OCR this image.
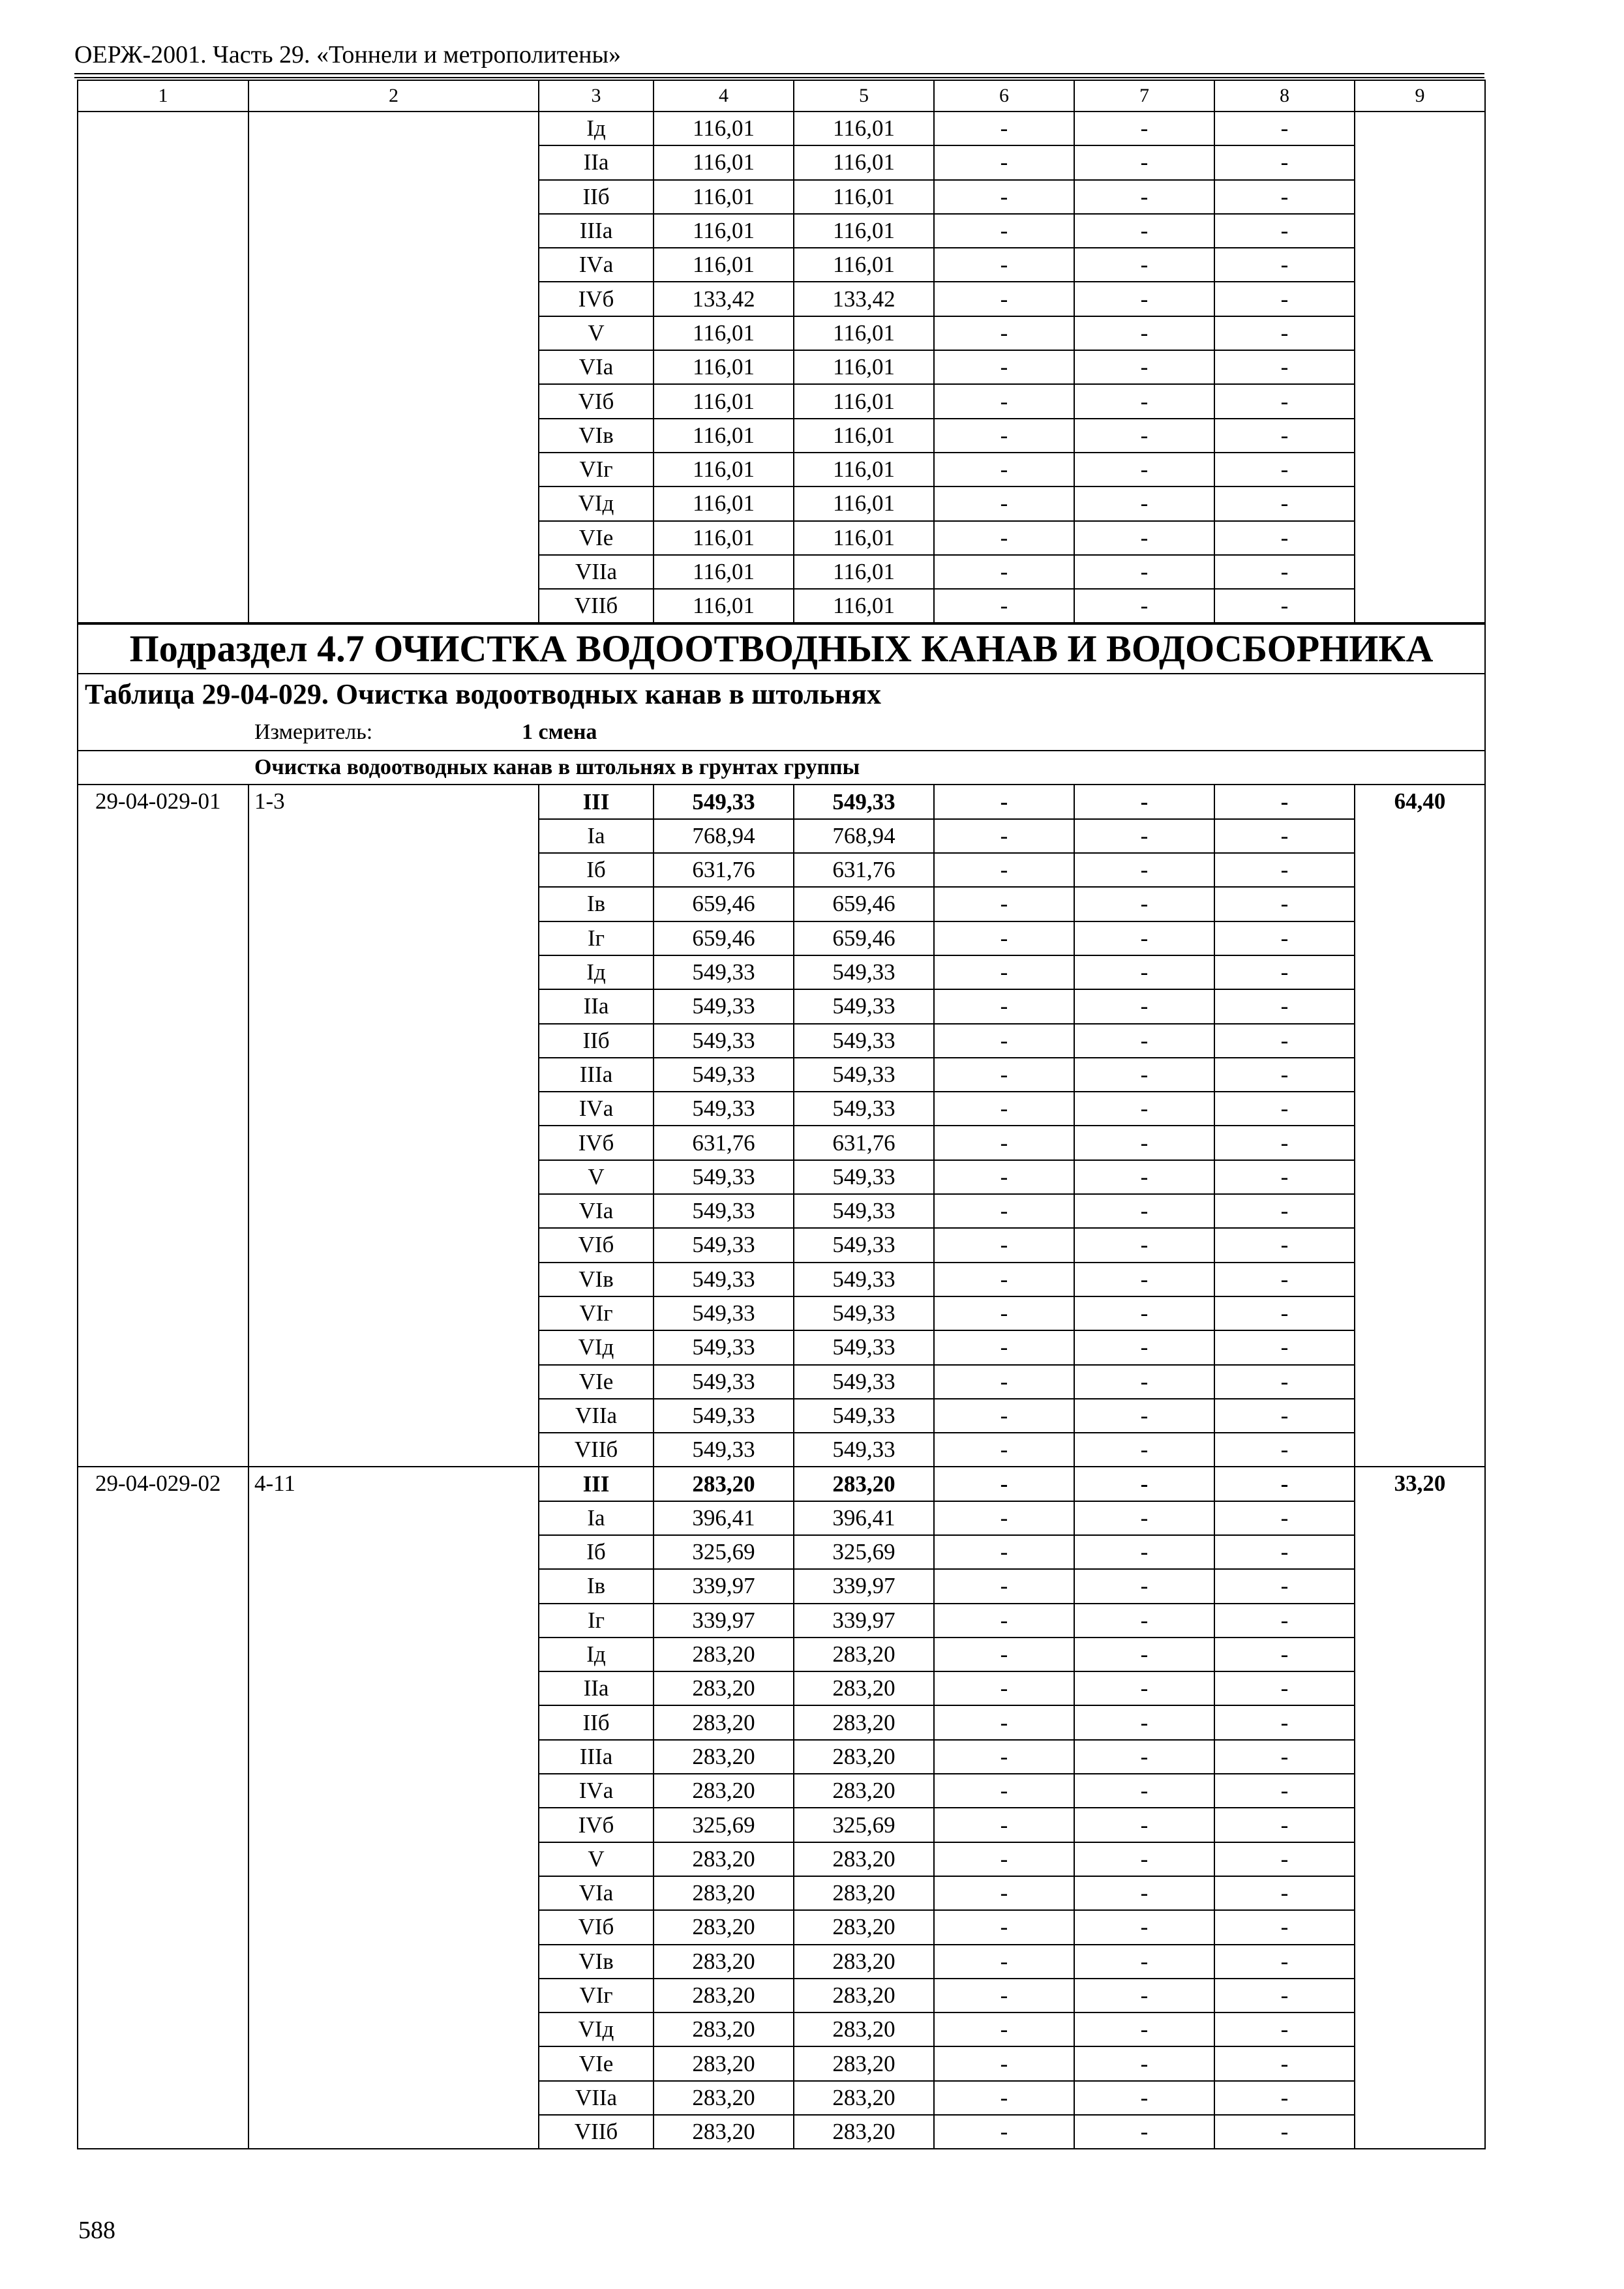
ОЕРЖ-2001. Часть 29. «Тоннели и метрополитены»
1	2	3	4	5	6	7	8	9
		Iд	116,01	116,01	-	-	-	
		IIа	116,01	116,01	-	-	-	
		IIб	116,01	116,01	-	-	-	
		IIIа	116,01	116,01	-	-	-	
		IVа	116,01	116,01	-	-	-	
		IVб	133,42	133,42	-	-	-	
		V	116,01	116,01	-	-	-	
		VIа	116,01	116,01	-	-	-	
		VIб	116,01	116,01	-	-	-	
		VIв	116,01	116,01	-	-	-	
		VIг	116,01	116,01	-	-	-	
		VIд	116,01	116,01	-	-	-	
		VIе	116,01	116,01	-	-	-	
		VIIа	116,01	116,01	-	-	-	
		VIIб	116,01	116,01	-	-	-	
Подраздел 4.7 ОЧИСТКА ВОДООТВОДНЫХ КАНАВ И ВОДОСБОРНИКА								
Таблица 29-04-029. Очистка водоотводных канав в штольнях								
Измеритель: 1 смена								
Очистка водоотводных канав в штольнях в грунтах группы								
29-04-029-01	1-3	III	549,33	549,33	-	-	-	64,40
		Iа	768,94	768,94	-	-	-	
		Iб	631,76	631,76	-	-	-	
		Iв	659,46	659,46	-	-	-	
		Iг	659,46	659,46	-	-	-	
		Iд	549,33	549,33	-	-	-	
		IIа	549,33	549,33	-	-	-	
		IIб	549,33	549,33	-	-	-	
		IIIа	549,33	549,33	-	-	-	
		IVа	549,33	549,33	-	-	-	
		IVб	631,76	631,76	-	-	-	
		V	549,33	549,33	-	-	-	
		VIа	549,33	549,33	-	-	-	
		VIб	549,33	549,33	-	-	-	
		VIв	549,33	549,33	-	-	-	
		VIг	549,33	549,33	-	-	-	
		VIд	549,33	549,33	-	-	-	
		VIе	549,33	549,33	-	-	-	
		VIIа	549,33	549,33	-	-	-	
		VIIб	549,33	549,33	-	-	-	
29-04-029-02	4-11	III	283,20	283,20	-	-	-	33,20
		Iа	396,41	396,41	-	-	-	
		Iб	325,69	325,69	-	-	-	
		Iв	339,97	339,97	-	-	-	
		Iг	339,97	339,97	-	-	-	
		Iд	283,20	283,20	-	-	-	
		IIа	283,20	283,20	-	-	-	
		IIб	283,20	283,20	-	-	-	
		IIIа	283,20	283,20	-	-	-	
		IVа	283,20	283,20	-	-	-	
		IVб	325,69	325,69	-	-	-	
		V	283,20	283,20	-	-	-	
		VIа	283,20	283,20	-	-	-	
		VIб	283,20	283,20	-	-	-	
		VIв	283,20	283,20	-	-	-	
		VIг	283,20	283,20	-	-	-	
		VIд	283,20	283,20	-	-	-	
		VIе	283,20	283,20	-	-	-	
		VIIа	283,20	283,20	-	-	-	
		VIIб	283,20	283,20	-	-	-	
588
